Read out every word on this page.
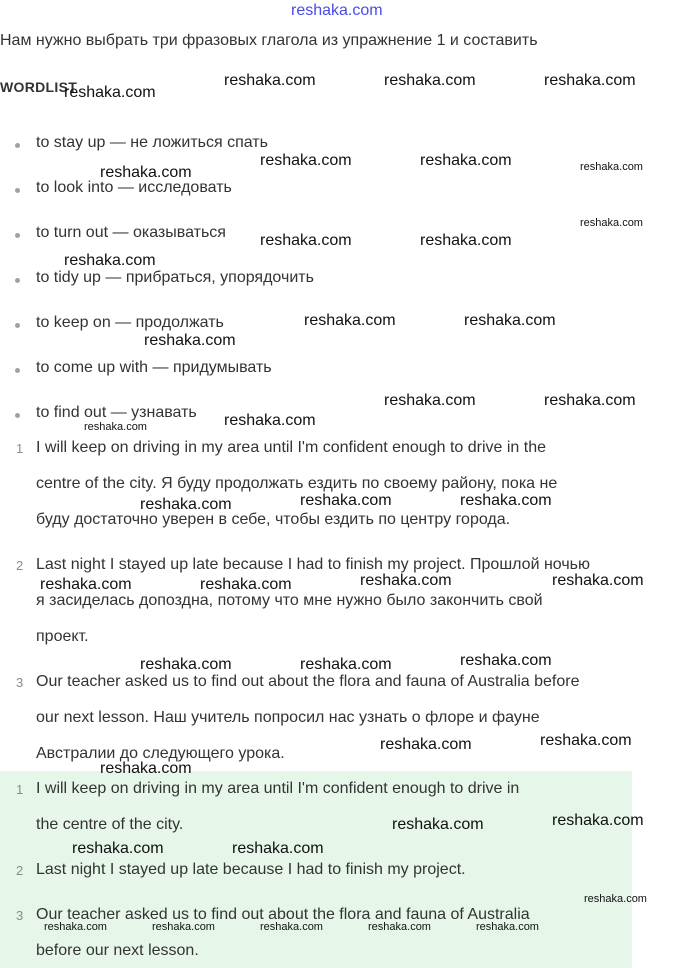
reshaka.com
Нам нужно выбрать три фразовых глагола из упражнение 1 и составить
WORDLIST
to stay up — не ложиться спать
to look into — исследовать
to turn out — оказываться
to tidy up — прибраться, упорядочить
to keep on — продолжать
to come up with — придумывать
to find out — узнавать
1 I will keep on driving in my area until I'm confident enough to drive in the
centre of the city. Я буду продолжать ездить по своему району, пока не
буду достаточно уверен в себе, чтобы ездить по центру города.
2 Last night I stayed up late because I had to finish my project. Прошлой ночью
я засиделась допоздна, потому что мне нужно было закончить свой
проект.
3 Our teacher asked us to find out about the flora and fauna of Australia before
our next lesson. Наш учитель попросил нас узнать о флоре и фауне
Австралии до следующего урока.
1 I will keep on driving in my area until I'm confident enough to drive in
the centre of the city.
2 Last night I stayed up late because I had to finish my project.
3 Our teacher asked us to find out about the flora and fauna of Australia
before our next lesson.
reshaka.com
reshaka.com	reshaka.com	reshaka.com
reshaka.com
reshaka.com	reshaka.com	reshaka.com
reshaka.com
reshaka.com	reshaka.com
reshaka.com
reshaka.com	reshaka.com
reshaka.com
reshaka.com	reshaka.com
reshaka.com
reshaka.com
reshaka.com	reshaka.com	reshaka.com
reshaka.com	reshaka.com	reshaka.com	reshaka.com
reshaka.com	reshaka.com	reshaka.com
reshaka.com	reshaka.com
reshaka.com
reshaka.com	reshaka.com
reshaka.com	reshaka.com
reshaka.com
reshaka.com	reshaka.com	reshaka.com	reshaka.com	reshaka.com
